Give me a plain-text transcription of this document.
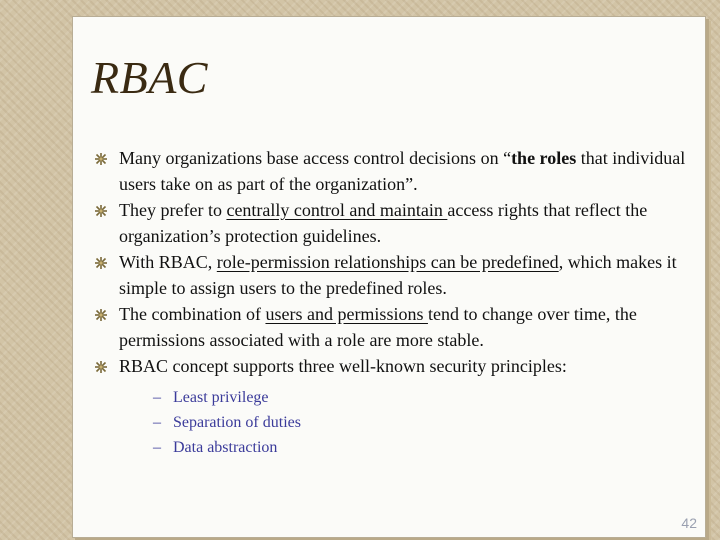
RBAC
Many organizations base access control decisions on “the roles that individual users take on as part of the organization”.
They prefer to centrally control and maintain access rights that reflect the organization’s protection guidelines.
With RBAC, role-permission relationships can be predefined, which makes it simple to assign users to the predefined roles.
The combination of users and permissions tend to change over time, the permissions associated with a role are more stable.
RBAC concept supports three well-known security principles:
– Least privilege
– Separation of duties
– Data abstraction
42
